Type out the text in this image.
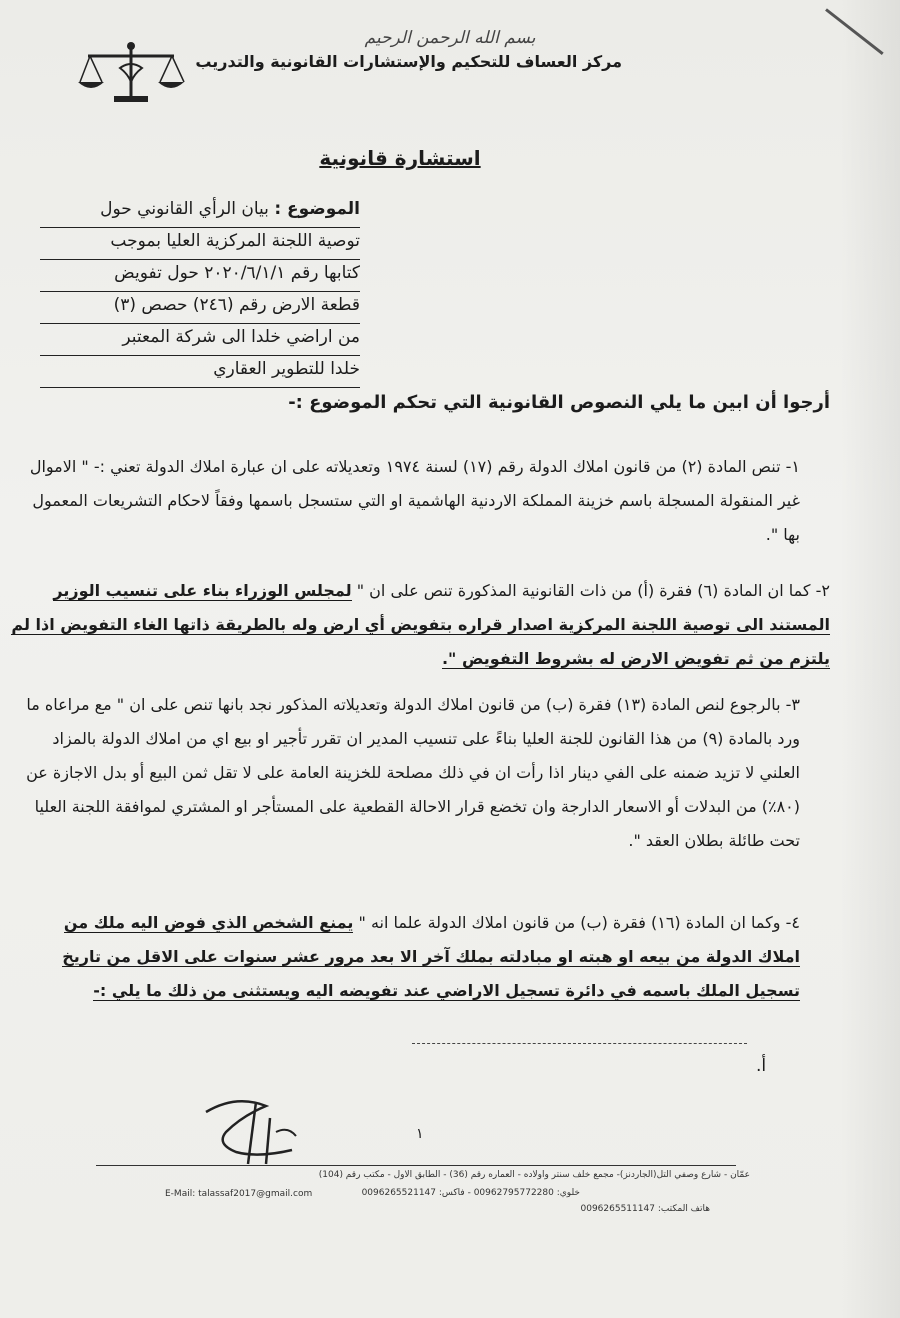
بسم الله الرحمن الرحيم
مركز العساف للتحكيم والإستشارات القانونية والتدريب
استشارة قانونية
الموضوع : بيان الرأي القانوني حول
توصية اللجنة المركزية العليا بموجب
كتابها رقم ٢٠٢٠/٦/١/١ حول تفويض
قطعة الارض رقم (٢٤٦) حصص (٣)
من اراضي خلدا الى شركة المعتبر
خلدا للتطوير العقاري
أرجوا أن ابين ما يلي النصوص القانونية التي تحكم الموضوع :-
١- تنص المادة (٢) من قانون املاك الدولة رقم (١٧) لسنة ١٩٧٤ وتعديلاته على ان عبارة املاك الدولة تعني :- " الاموال غير المنقولة المسجلة باسم خزينة المملكة الاردنية الهاشمية او التي ستسجل باسمها وفقاً لاحكام التشريعات المعمول بها ".
٢- كما ان المادة (٦) فقرة (أ) من ذات القانونية المذكورة تنص على ان " لمجلس الوزراء بناء على تنسيب الوزير المستند الى توصية اللجنة المركزية اصدار قراره بتفويض أي ارض وله بالطريقة ذاتها الغاء التفويض اذا لم يلتزم من ثم تفويض الارض له بشروط التفويض ".
٣- بالرجوع لنص المادة (١٣) فقرة (ب) من قانون املاك الدولة وتعديلاته المذكور نجد بانها تنص على ان " مع مراعاه ما ورد بالمادة (٩) من هذا القانون للجنة العليا بناءً على تنسيب المدير ان تقرر تأجير او بيع اي من املاك الدولة بالمزاد العلني لا تزيد ضمنه على الفي دينار اذا رأت ان في ذلك مصلحة للخزينة العامة على لا تقل ثمن البيع أو بدل الاجازة عن (٨٠٪) من البدلات أو الاسعار الدارجة وان تخضع قرار الاحالة القطعية على المستأجر او المشتري لموافقة اللجنة العليا تحت طائلة بطلان العقد ".
٤- وكما ان المادة (١٦) فقرة (ب) من قانون املاك الدولة علما انه " يمنع الشخص الذي فوض اليه ملك من املاك الدولة من بيعه او هبته او مبادلته بملك آخر الا بعد مرور عشر سنوات على الاقل من تاريخ تسجيل الملك باسمه في دائرة تسجيل الاراضي عند تفويضه اليه ويستثنى من ذلك ما يلي :-
أ.
١
عمّان - شارع وصفي التل(الجاردنز)- مجمع خلف سنتر واولاده - العماره رقم (36) - الطابق الاول - مكتب رقم (104)
خلوي: 00962795772280 - فاكس: 0096265521147
E-Mail: talassaf2017@gmail.com
هاتف المكتب: 0096265511147
